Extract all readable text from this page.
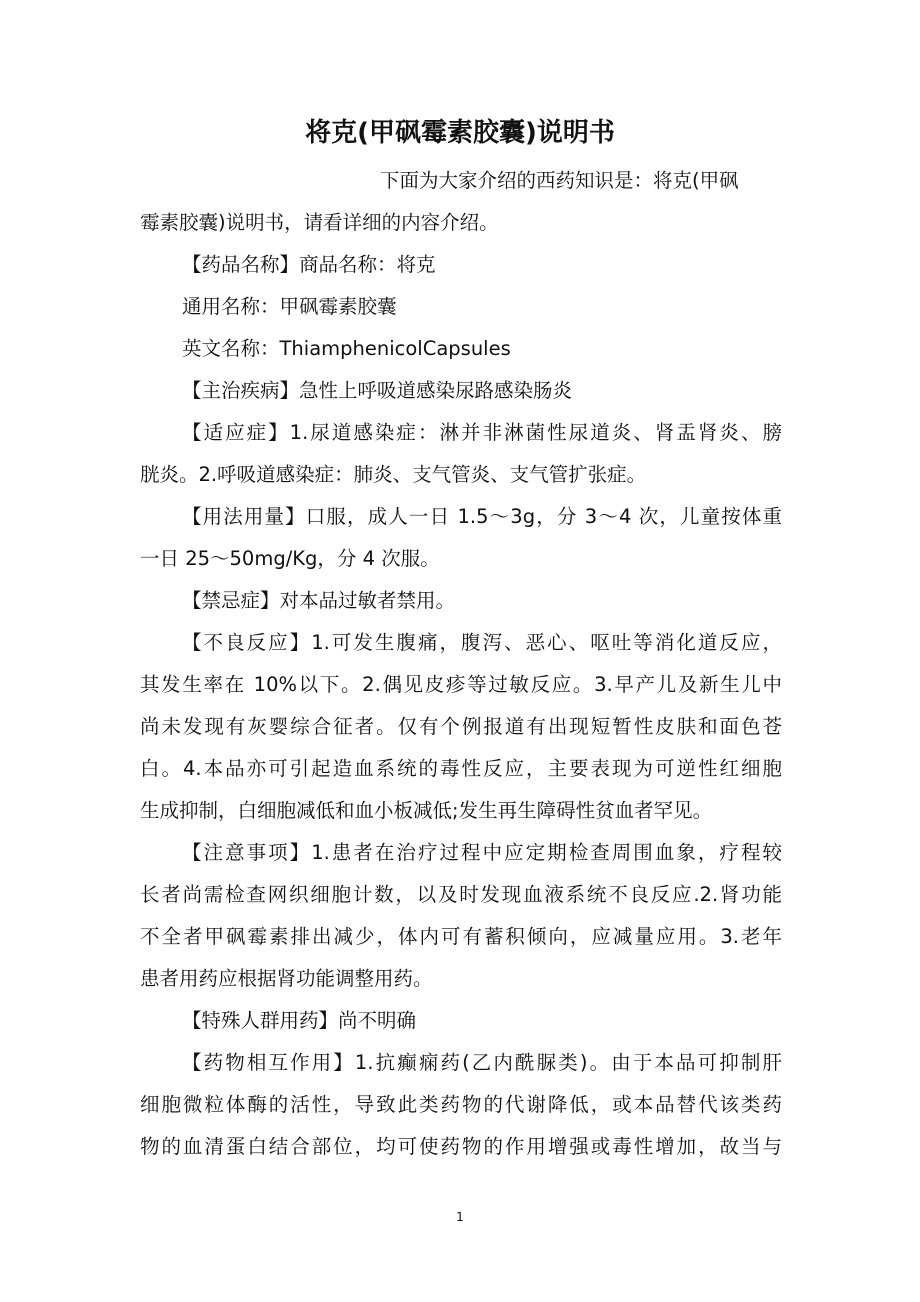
将克(甲砜霉素胶囊)说明书
下面为大家介绍的西药知识是：将克(甲砜
霉素胶囊)说明书，请看详细的内容介绍。
【药品名称】商品名称：将克
通用名称：甲砜霉素胶囊
英文名称：ThiamphenicolCapsules
【主治疾病】急性上呼吸道感染尿路感染肠炎
【适应症】1.尿道感染症：淋并非淋菌性尿道炎、肾盂肾炎、膀
胱炎。2.呼吸道感染症：肺炎、支气管炎、支气管扩张症。
【用法用量】口服，成人一日 1.5～3g，分 3～4 次，儿童按体重
一日 25～50mg/Kg，分 4 次服。
【禁忌症】对本品过敏者禁用。
【不良反应】1.可发生腹痛，腹泻、恶心、呕吐等消化道反应，
其发生率在 10%以下。2.偶见皮疹等过敏反应。3.早产儿及新生儿中
尚未发现有灰婴综合征者。仅有个例报道有出现短暂性皮肤和面色苍
白。4.本品亦可引起造血系统的毒性反应，主要表现为可逆性红细胞
生成抑制，白细胞减低和血小板减低;发生再生障碍性贫血者罕见。
【注意事项】1.患者在治疗过程中应定期检查周围血象，疗程较
长者尚需检查网织细胞计数，以及时发现血液系统不良反应.2.肾功能
不全者甲砜霉素排出减少，体内可有蓄积倾向，应减量应用。3.老年
患者用药应根据肾功能调整用药。
【特殊人群用药】尚不明确
【药物相互作用】1.抗癫痫药(乙内酰脲类)。由于本品可抑制肝
细胞微粒体酶的活性，导致此类药物的代谢降低，或本品替代该类药
物的血清蛋白结合部位，均可使药物的作用增强或毒性增加，故当与
1
